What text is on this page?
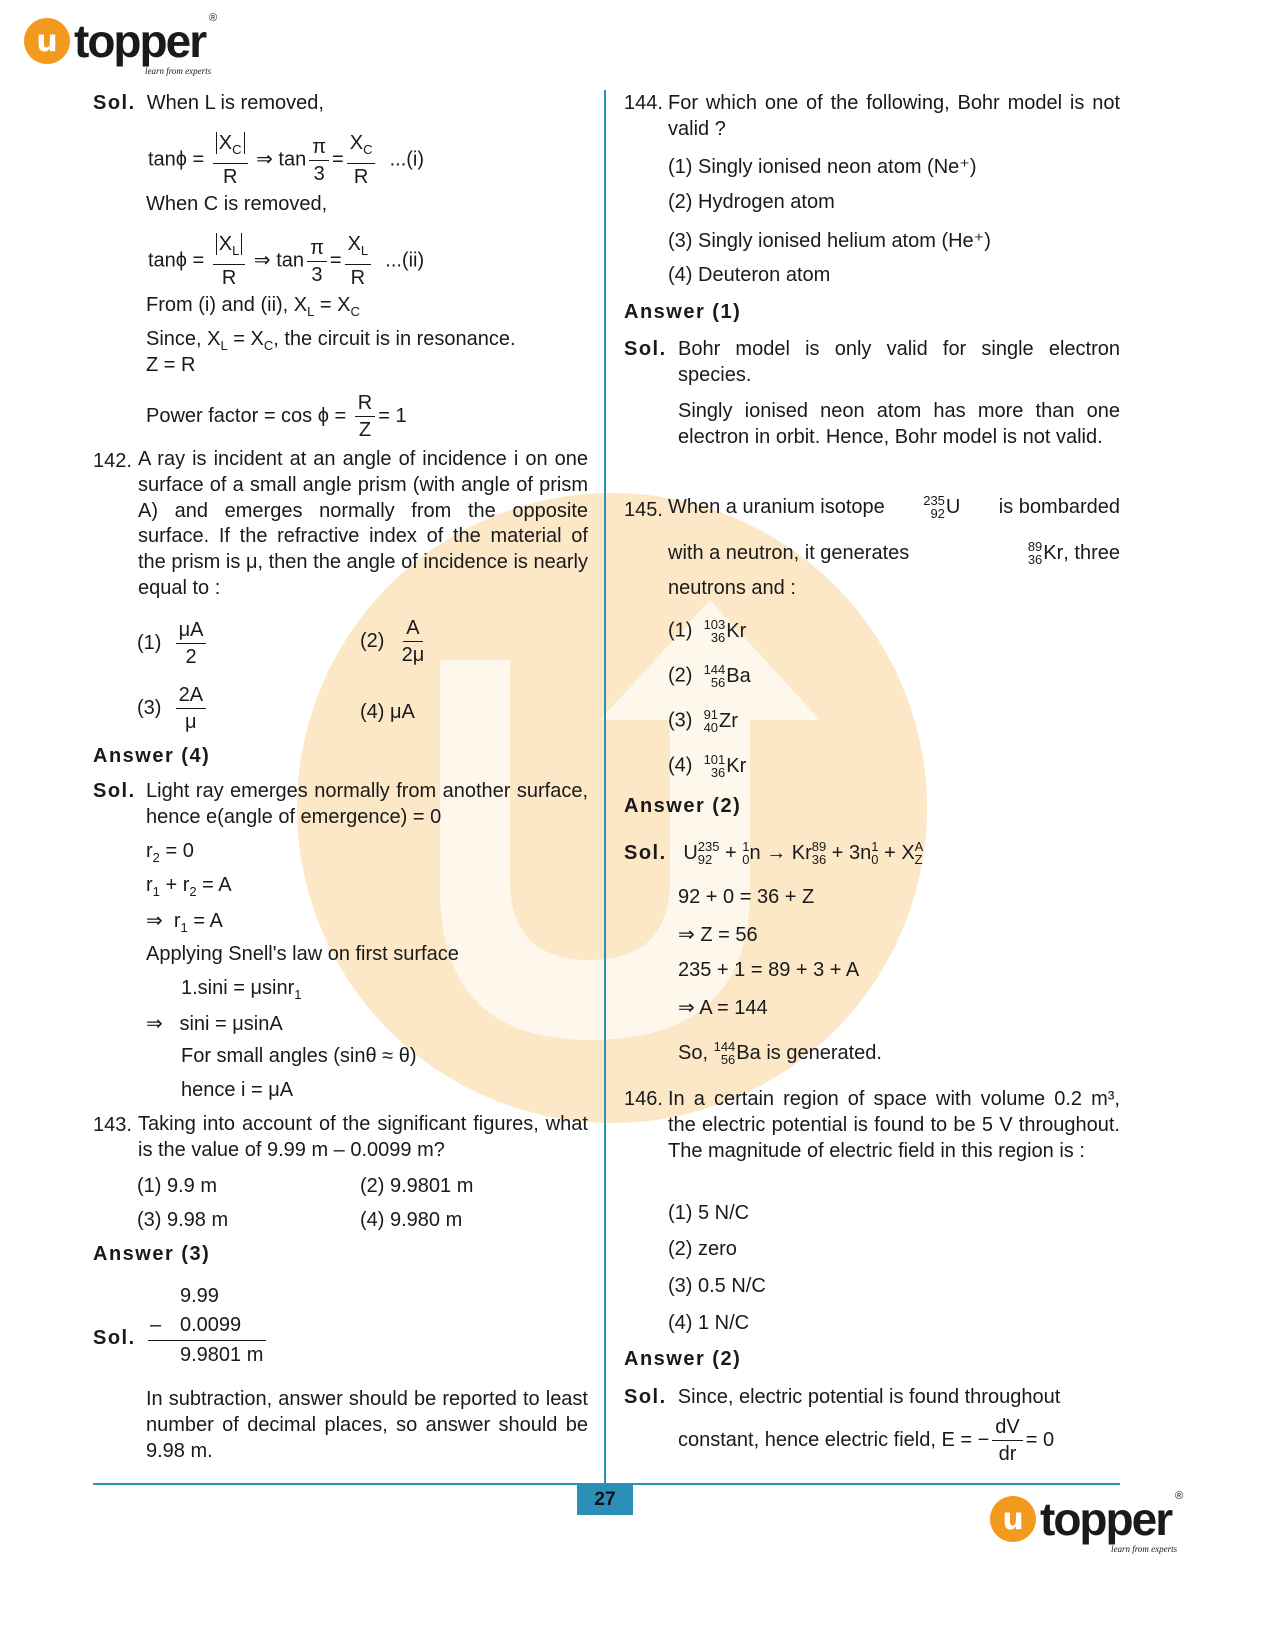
u topper ®
learn from experts
Sol. When L is removed,
$\tan\phi = \frac{X_C}{R}$ ⇒ $\tan \frac{\pi}{3} = \frac{X_C}{R} ...(i)$
When C is removed,
$\tan\phi = \frac{X_L}{R}$ ⇒ $\tan \frac{\pi}{3} = \frac{X_L}{R} ...(ii)$
From (i) and (ii), $X_L = X_C$
Since, $X_L = X_C$, the circuit is in resonance.
Z = R
Power factor = $\cos \phi = \frac{R}{Z} = 1$
142. A ray is incident at an angle of incidence i on one surface of a small angle prism (with angle of prism A) and emerges normally from the opposite surface. If the refractive index of the material of the prism is μ, then the angle of incidence is nearly equal to :
$(1) \frac{\mu A}{2}$	$(2) \frac{A}{2\mu}$
$(3) \frac{2A}{\mu}$	(4) μA
Answer (4)
Sol. Light ray emerges normally from another surface, hence e(angle of emergence) = 0
$r_2 = 0$
$r_1 + r_2 = A$
⇒  $r_1 = A$
Applying Snell's law on first surface
1.sini = μsinr$_1$
⇒   sini = μsinA
For small angles (sinθ ≈ θ)
hence i = μA
143. Taking into account of the significant figures, what is the value of 9.99 m – 0.0099 m?
(1) 9.9 m	(2) 9.9801 m
(3) 9.98 m	(4) 9.980 m
Answer (3)
Sol.
9.99
– 0.0099
9.9801 m
In subtraction, answer should be reported to least number of decimal places, so answer should be 9.98 m.
144. For which one of the following, Bohr model is not valid ?
(1) Singly ionised neon atom (Ne⁺)
(2) Hydrogen atom
(3) Singly ionised helium atom (He⁺)
(4) Deuteron atom
Answer (1)
Sol. Bohr model is only valid for single electron species.
Singly ionised neon atom has more than one electron in orbit. Hence, Bohr model is not valid.
145. When a uranium isotope	235
92 U is bombarded
with a neutron, it generates	89
36 Kr , three
neutrons and :
(1) 103
36 Kr
(2) 144
56 Ba
(3) 91
40 Zr
(4) 101
36 Kr
Answer (2)
Sol. U 235
92 + 1
0 n → Kr 89
36 + 3n 1
0 + X A
Z
92 + 0 = 36 + Z
⇒ Z = 56
235 + 1 = 89 + 3 + A
⇒ A = 144
So,
144
56 Ba
is generated.
146. In a certain region of space with volume 0.2 m³, the electric potential is found to be 5 V throughout. The magnitude of electric field in this region is :
(1) 5 N/C
(2) zero
(3) 0.5 N/C
(4) 1 N/C
Answer (2)
Sol. Since, electric potential is found throughout
constant, hence electric field,
E = − $\frac{dV}{dr} = 0$
27
u topper ®
learn from experts
